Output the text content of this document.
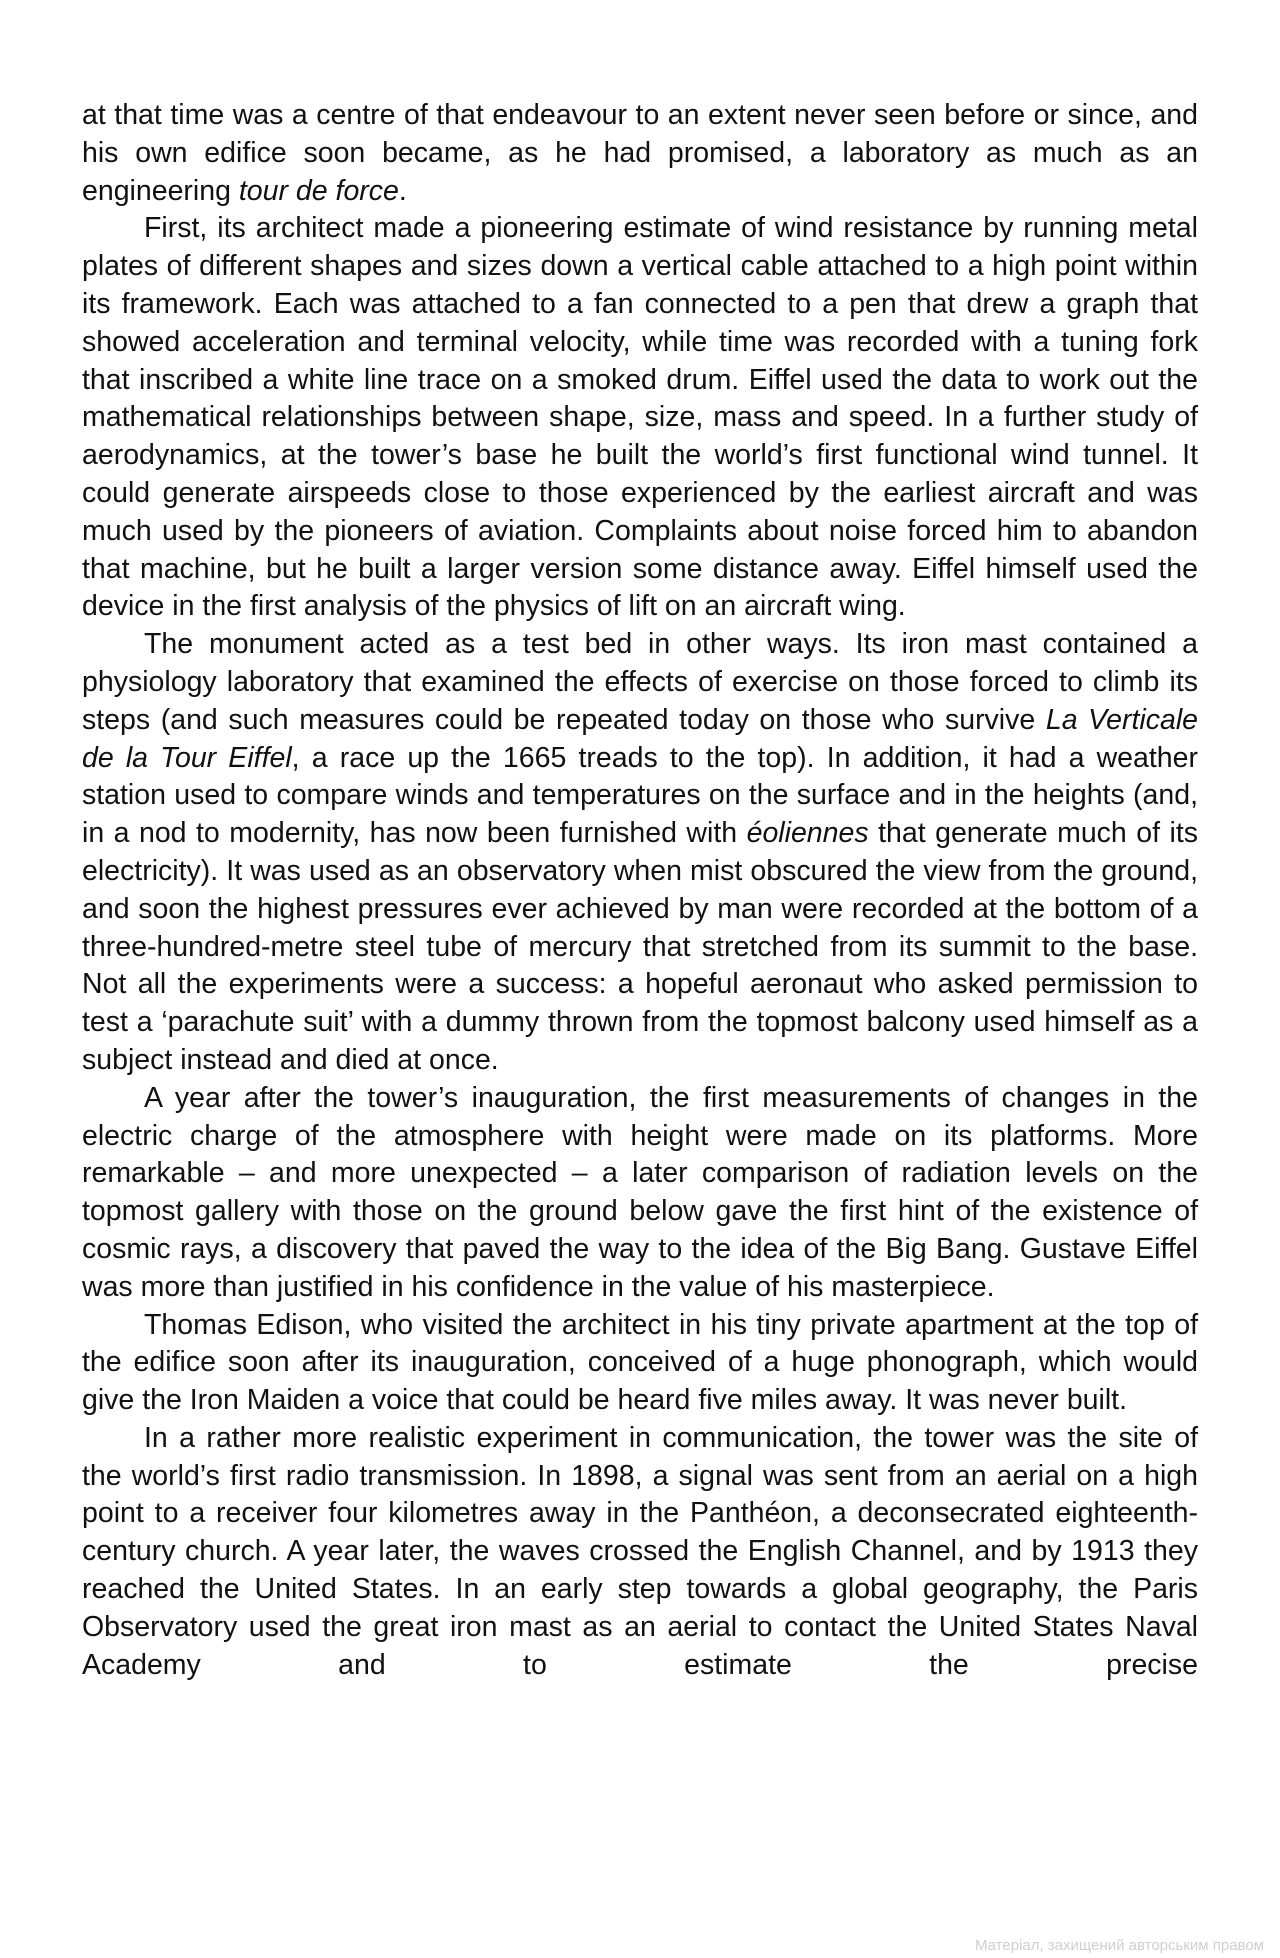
at that time was a centre of that endeavour to an extent never seen before or since, and his own edifice soon became, as he had promised, a laboratory as much as an engineering tour de force.

First, its architect made a pioneering estimate of wind resistance by running metal plates of different shapes and sizes down a vertical cable attached to a high point within its framework. Each was attached to a fan connected to a pen that drew a graph that showed acceleration and terminal velocity, while time was recorded with a tuning fork that inscribed a white line trace on a smoked drum. Eiffel used the data to work out the mathematical relationships between shape, size, mass and speed. In a further study of aerodynamics, at the tower’s base he built the world’s first functional wind tunnel. It could generate airspeeds close to those experienced by the earliest aircraft and was much used by the pioneers of aviation. Complaints about noise forced him to abandon that machine, but he built a larger version some distance away. Eiffel himself used the device in the first analysis of the physics of lift on an aircraft wing.

The monument acted as a test bed in other ways. Its iron mast contained a physiology laboratory that examined the effects of exercise on those forced to climb its steps (and such measures could be repeated today on those who survive La Verticale de la Tour Eiffel, a race up the 1665 treads to the top). In addition, it had a weather station used to compare winds and temperatures on the surface and in the heights (and, in a nod to modernity, has now been furnished with éoliennes that generate much of its electricity). It was used as an observatory when mist obscured the view from the ground, and soon the highest pressures ever achieved by man were recorded at the bottom of a three-hundred-metre steel tube of mercury that stretched from its summit to the base. Not all the experiments were a success: a hopeful aeronaut who asked permission to test a ‘parachute suit’ with a dummy thrown from the topmost balcony used himself as a subject instead and died at once.

A year after the tower’s inauguration, the first measurements of changes in the electric charge of the atmosphere with height were made on its platforms. More remarkable – and more unexpected – a later comparison of radiation levels on the topmost gallery with those on the ground below gave the first hint of the existence of cosmic rays, a discovery that paved the way to the idea of the Big Bang. Gustave Eiffel was more than justified in his confidence in the value of his masterpiece.

Thomas Edison, who visited the architect in his tiny private apartment at the top of the edifice soon after its inauguration, conceived of a huge phonograph, which would give the Iron Maiden a voice that could be heard five miles away. It was never built.

In a rather more realistic experiment in communication, the tower was the site of the world’s first radio transmission. In 1898, a signal was sent from an aerial on a high point to a receiver four kilometres away in the Panthéon, a deconsecrated eighteenth-century church. A year later, the waves crossed the English Channel, and by 1913 they reached the United States. In an early step towards a global geography, the Paris Observatory used the great iron mast as an aerial to contact the United States Naval Academy and to estimate the precise

Матеріал, захищений авторським правом
